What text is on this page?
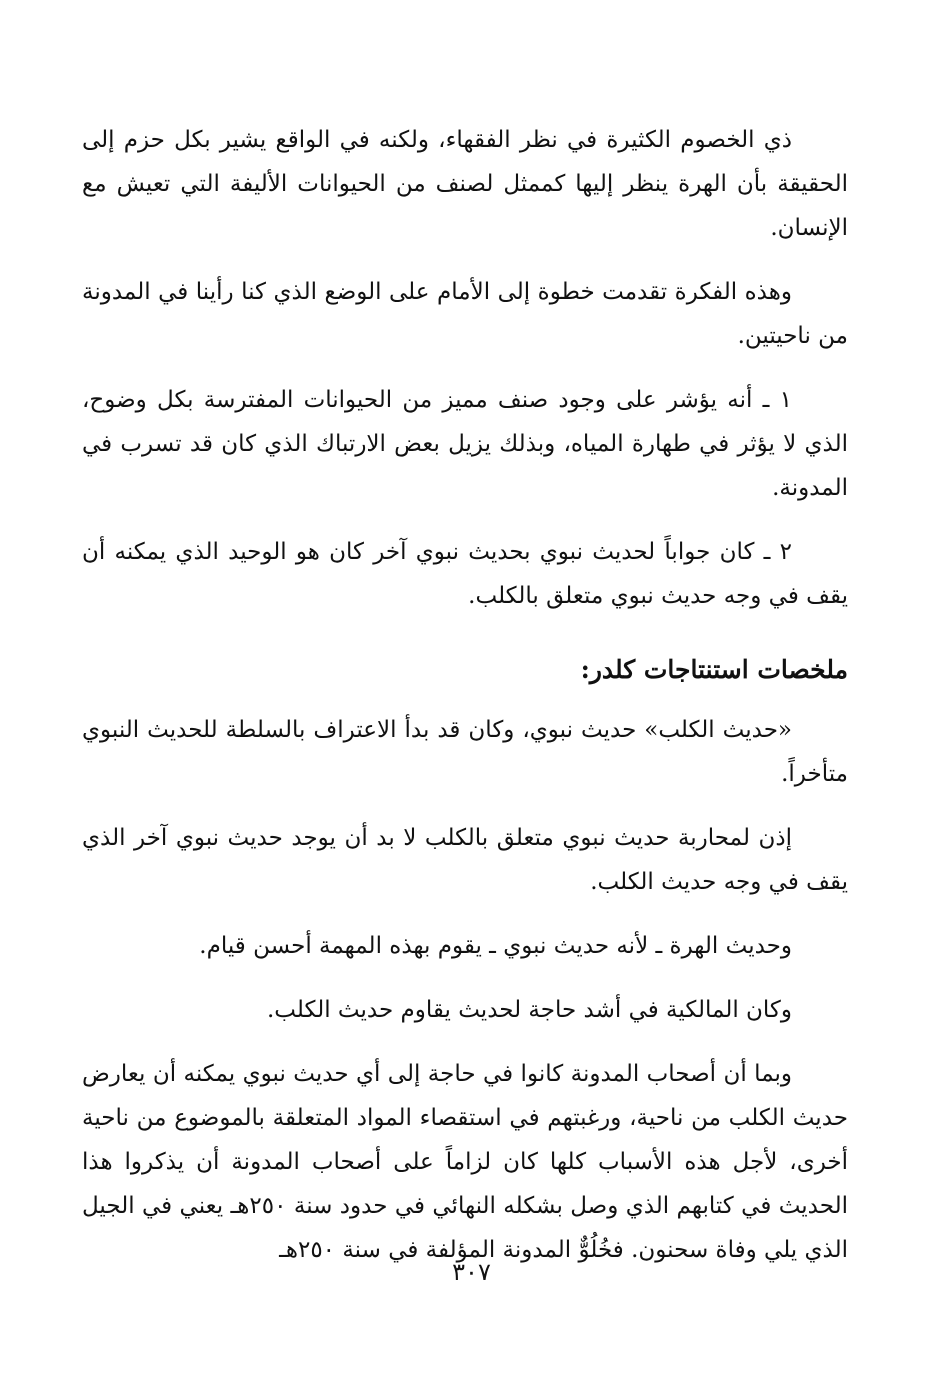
ذي الخصوم الكثيرة في نظر الفقهاء، ولكنه في الواقع يشير بكل حزم إلى الحقيقة بأن الهرة ينظر إليها كممثل لصنف من الحيوانات الأليفة التي تعيش مع الإنسان.

وهذه الفكرة تقدمت خطوة إلى الأمام على الوضع الذي كنا رأينا في المدونة من ناحيتين.

١ ـ أنه يؤشر على وجود صنف مميز من الحيوانات المفترسة بكل وضوح، الذي لا يؤثر في طهارة المياه، وبذلك يزيل بعض الارتباك الذي كان قد تسرب في المدونة.

٢ ـ كان جواباً لحديث نبوي بحديث نبوي آخر كان هو الوحيد الذي يمكنه أن يقف في وجه حديث نبوي متعلق بالكلب.

ملخصات استنتاجات كلدر:

«حديث الكلب» حديث نبوي، وكان قد بدأ الاعتراف بالسلطة للحديث النبوي متأخراً.

إذن لمحاربة حديث نبوي متعلق بالكلب لا بد أن يوجد حديث نبوي آخر الذي يقف في وجه حديث الكلب.

وحديث الهرة ـ لأنه حديث نبوي ـ يقوم بهذه المهمة أحسن قيام.

وكان المالكية في أشد حاجة لحديث يقاوم حديث الكلب.

وبما أن أصحاب المدونة كانوا في حاجة إلى أي حديث نبوي يمكنه أن يعارض حديث الكلب من ناحية، ورغبتهم في استقصاء المواد المتعلقة بالموضوع من ناحية أخرى، لأجل هذه الأسباب كلها كان لزاماً على أصحاب المدونة أن يذكروا هذا الحديث في كتابهم الذي وصل بشكله النهائي في حدود سنة ٢٥٠هـ يعني في الجيل الذي يلي وفاة سحنون. فخُلُوٌّ المدونة المؤلفة في سنة ٢٥٠هـ

٣٠٧
